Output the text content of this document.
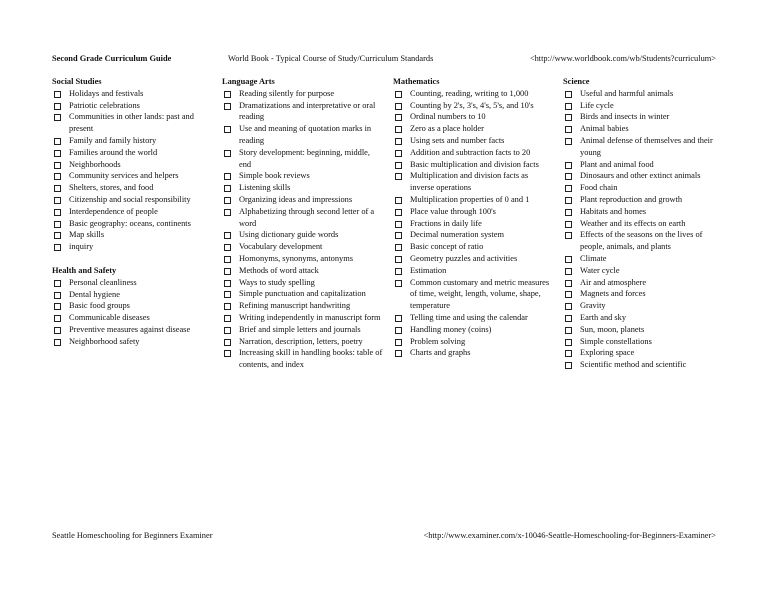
Second Grade Curriculum Guide	World Book - Typical Course of Study/Curriculum Standards	<http://www.worldbook.com/wb/Students?curriculum>
Social Studies
Holidays and festivals
Patriotic celebrations
Communities in other lands: past and present
Family and family history
Families around the world
Neighborhoods
Community services and helpers
Shelters, stores, and food
Citizenship and social responsibility
Interdependence of people
Basic geography: oceans, continents
Map skills
inquiry
Health and Safety
Personal cleanliness
Dental hygiene
Basic food groups
Communicable diseases
Preventive measures against disease
Neighborhood safety
Language Arts
Reading silently for purpose
Dramatizations and interpretative or oral reading
Use and meaning of quotation marks in reading
Story development: beginning, middle, end
Simple book reviews
Listening skills
Organizing ideas and impressions
Alphabetizing through second letter of a word
Using dictionary guide words
Vocabulary development
Homonyms, synonyms, antonyms
Methods of word attack
Ways to study spelling
Simple punctuation and capitalization
Refining manuscript handwriting
Writing independently in manuscript form
Brief and simple letters and journals
Narration, description, letters, poetry
Increasing skill in handling books: table of contents, and index
Mathematics
Counting, reading, writing to 1,000
Counting by 2's, 3's, 4's, 5's, and 10's
Ordinal numbers to 10
Zero as a place holder
Using sets and number facts
Addition and subtraction facts to 20
Basic multiplication and division facts
Multiplication and division facts as inverse operations
Multiplication properties of 0 and 1
Place value through 100's
Fractions in daily life
Decimal numeration system
Basic concept of ratio
Geometry puzzles and activities
Estimation
Common customary and metric measures of time, weight, length, volume, shape, temperature
Telling time and using the calendar
Handling money (coins)
Problem solving
Charts and graphs
Science
Useful and harmful animals
Life cycle
Birds and insects in winter
Animal babies
Animal defense of themselves and their young
Plant and animal food
Dinosaurs and other extinct animals
Food chain
Plant reproduction and growth
Habitats and homes
Weather and its effects on earth
Effects of the seasons on the lives of people, animals, and plants
Climate
Water cycle
Air and atmosphere
Magnets and forces
Gravity
Earth and sky
Sun, moon, planets
Simple constellations
Exploring space
Scientific method and scientific
Seattle Homeschooling for Beginners Examiner	<http://www.examiner.com/x-10046-Seattle-Homeschooling-for-Beginners-Examiner>
